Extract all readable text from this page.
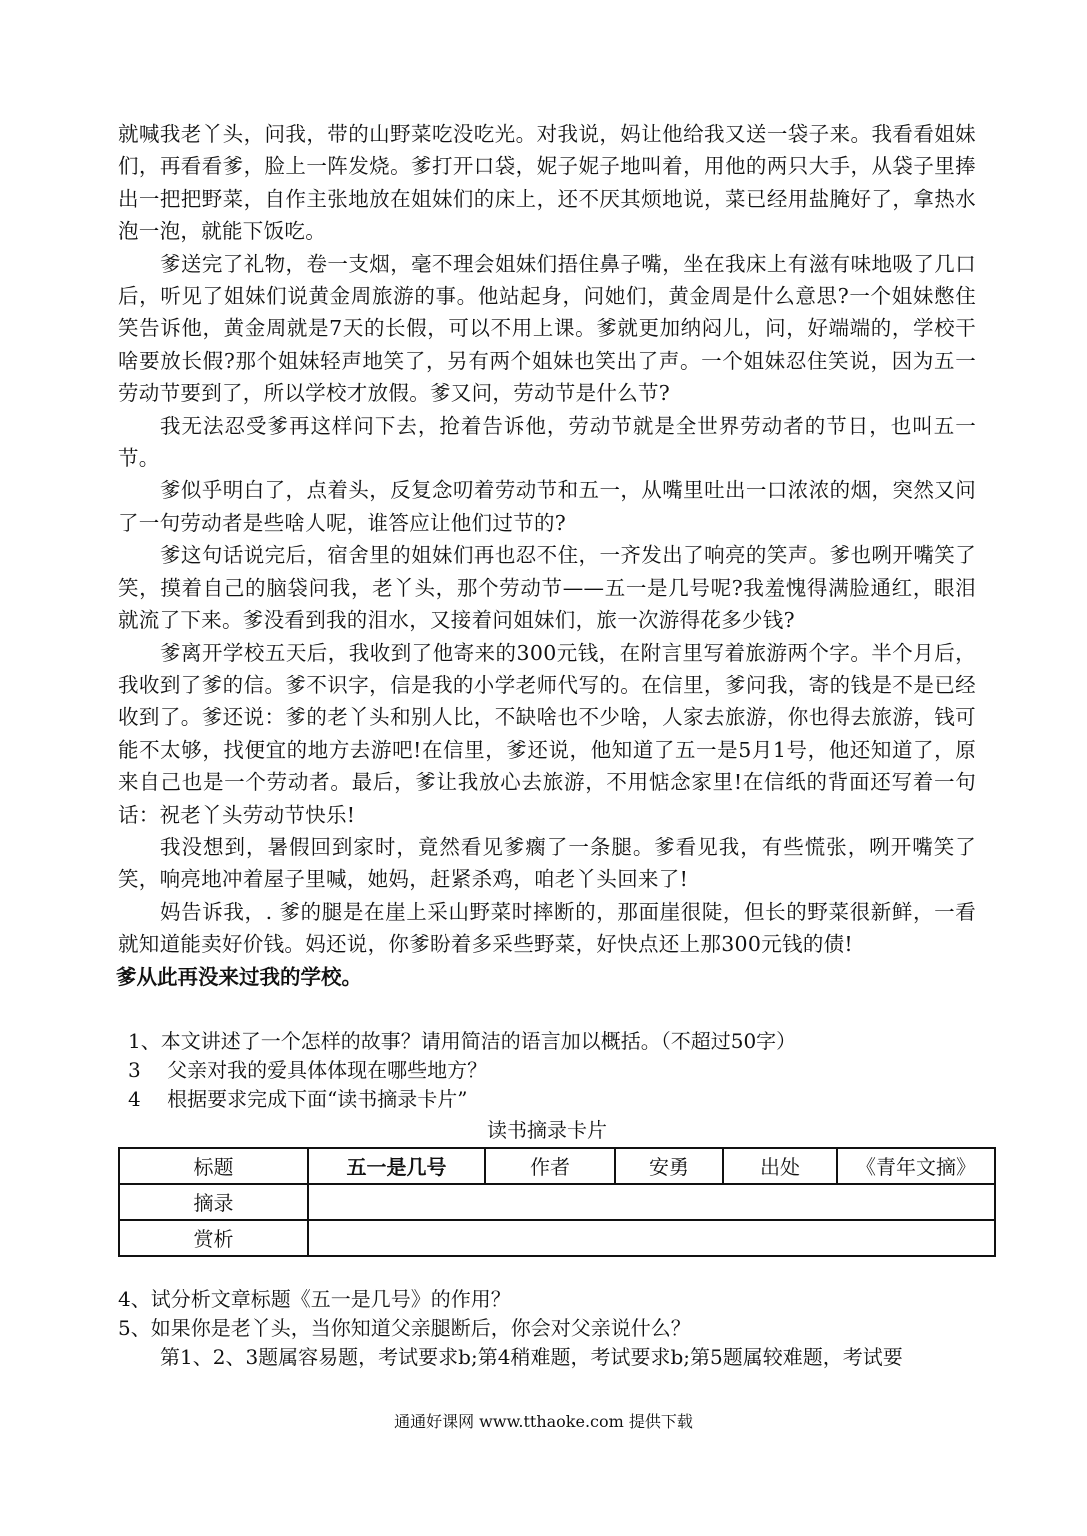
就喊我老丫头，问我，带的山野菜吃没吃光。对我说，妈让他给我又送一袋子来。我看看姐妹们，再看看爹，脸上一阵发烧。爹打开口袋，妮子妮子地叫着，用他的两只大手，从袋子里捧出一把把野菜，自作主张地放在姐妹们的床上，还不厌其烦地说，菜已经用盐腌好了，拿热水泡一泡，就能下饭吃。

爹送完了礼物，卷一支烟，毫不理会姐妹们捂住鼻子嘴，坐在我床上有滋有味地吸了几口后，听见了姐妹们说黄金周旅游的事。他站起身，问她们，黄金周是什么意思?一个姐妹憋住笑告诉他，黄金周就是7天的长假，可以不用上课。爹就更加纳闷儿，问，好端端的，学校干啥要放长假?那个姐妹轻声地笑了，另有两个姐妹也笑出了声。一个姐妹忍住笑说，因为五一劳动节要到了，所以学校才放假。爹又问，劳动节是什么节?

我无法忍受爹再这样问下去，抢着告诉他，劳动节就是全世界劳动者的节日，也叫五一节。

爹似乎明白了，点着头，反复念叨着劳动节和五一，从嘴里吐出一口浓浓的烟，突然又问了一句劳动者是些啥人呢，谁答应让他们过节的?

爹这句话说完后，宿舍里的姐妹们再也忍不住，一齐发出了响亮的笑声。爹也咧开嘴笑了笑，摸着自己的脑袋问我，老丫头，那个劳动节——五一是几号呢?我羞愧得满脸通红，眼泪就流了下来。爹没看到我的泪水，又接着问姐妹们，旅一次游得花多少钱?

爹离开学校五天后，我收到了他寄来的300元钱，在附言里写着旅游两个字。半个月后，我收到了爹的信。爹不识字，信是我的小学老师代写的。在信里，爹问我，寄的钱是不是已经收到了。爹还说：爹的老丫头和别人比，不缺啥也不少啥，人家去旅游，你也得去旅游，钱可能不太够，找便宜的地方去游吧!在信里，爹还说，他知道了五一是5月1号，他还知道了，原来自己也是一个劳动者。最后，爹让我放心去旅游，不用惦念家里!在信纸的背面还写着一句话：祝老丫头劳动节快乐!

我没想到，暑假回到家时，竟然看见爹瘸了一条腿。爹看见我，有些慌张，咧开嘴笑了笑，响亮地冲着屋子里喊，她妈，赶紧杀鸡，咱老丫头回来了!

妈告诉我，. 爹的腿是在崖上采山野菜时摔断的，那面崖很陡，但长的野菜很新鲜，一看就知道能卖好价钱。妈还说，你爹盼着多采些野菜，好快点还上那300元钱的债!

爹从此再没来过我的学校。

1、本文讲述了一个怎样的故事？请用简洁的语言加以概括。（不超过50字）

3　 父亲对我的爱具体体现在哪些地方？

4　 根据要求完成下面“读书摘录卡片”

读书摘录卡片
标题	五一是几号	作者	安勇	出处	《青年文摘》
摘录					
赏析					

4、试分析文章标题《五一是几号》的作用？

5、如果你是老丫头，当你知道父亲腿断后，你会对父亲说什么？

第1、2、3题属容易题，考试要求b;第4稍难题，考试要求b;第5题属较难题，考试要

通通好课网 www.tthaoke.com 提供下载
